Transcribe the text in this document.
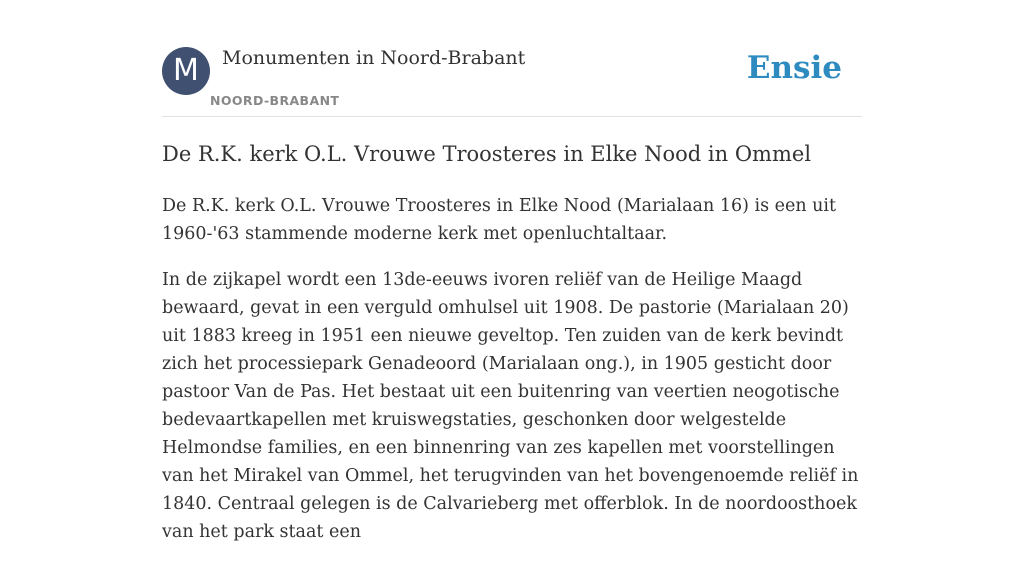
M	Monumenten in Noord-Brabant
NOORD-BRABANT
Ensie
De R.K. kerk O.L. Vrouwe Troosteres in Elke Nood in Ommel

De R.K. kerk O.L. Vrouwe Troosteres in Elke Nood (Marialaan 16) is een uit 1960-'63 stammende moderne kerk met openluchtaltaar.

In de zijkapel wordt een 13de-eeuws ivoren reliëf van de Heilige Maagd bewaard, gevat in een verguld omhulsel uit 1908. De pastorie (Marialaan 20) uit 1883 kreeg in 1951 een nieuwe geveltop. Ten zuiden van de kerk bevindt zich het processiepark Genadeoord (Marialaan ong.), in 1905 gesticht door pastoor Van de Pas. Het bestaat uit een buitenring van veertien neogotische bedevaartkapellen met kruiswegstaties, geschonken door welgestelde Helmondse families, en een binnenring van zes kapellen met voorstellingen van het Mirakel van Ommel, het terugvinden van het bovengenoemde reliëf in 1840. Centraal gelegen is de Calvarieberg met offerblok. In de noordoosthoek van het park staat een
